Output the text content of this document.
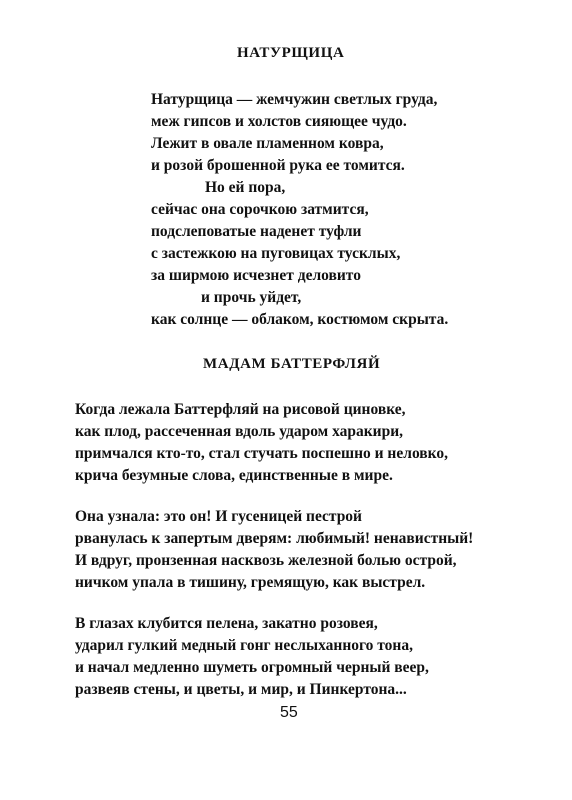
НАТУРЩИЦА
Натурщица — жемчужин светлых груда,
меж гипсов и холстов сияющее чудо.
Лежит в овале пламенном ковра,
и розой брошенной рука ее томится.
Но ей пора,
сейчас она сорочкою затмится,
подслеповатые наденет туфли
с застежкою на пуговицах тусклых,
за ширмою исчезнет деловито
и прочь уйдет,
как солнце — облаком, костюмом скрыта.
МАДАМ БАТТЕРФЛЯЙ
Когда лежала Баттерфляй на рисовой циновке,
как плод, рассеченная вдоль ударом харакири,
примчался кто-то, стал стучать поспешно и неловко,
крича безумные слова, единственные в мире.
Она узнала: это он! И гусеницей пестрой
рванулась к запертым дверям: любимый! ненавистный!
И вдруг, пронзенная насквозь железной болью острой,
ничком упала в тишину, гремящую, как выстрел.
В глазах клубится пелена, закатно розовея,
ударил гулкий медный гонг неслыханного тона,
и начал медленно шуметь огромный черный веер,
развеяв стены, и цветы, и мир, и Пинкертона...
55
